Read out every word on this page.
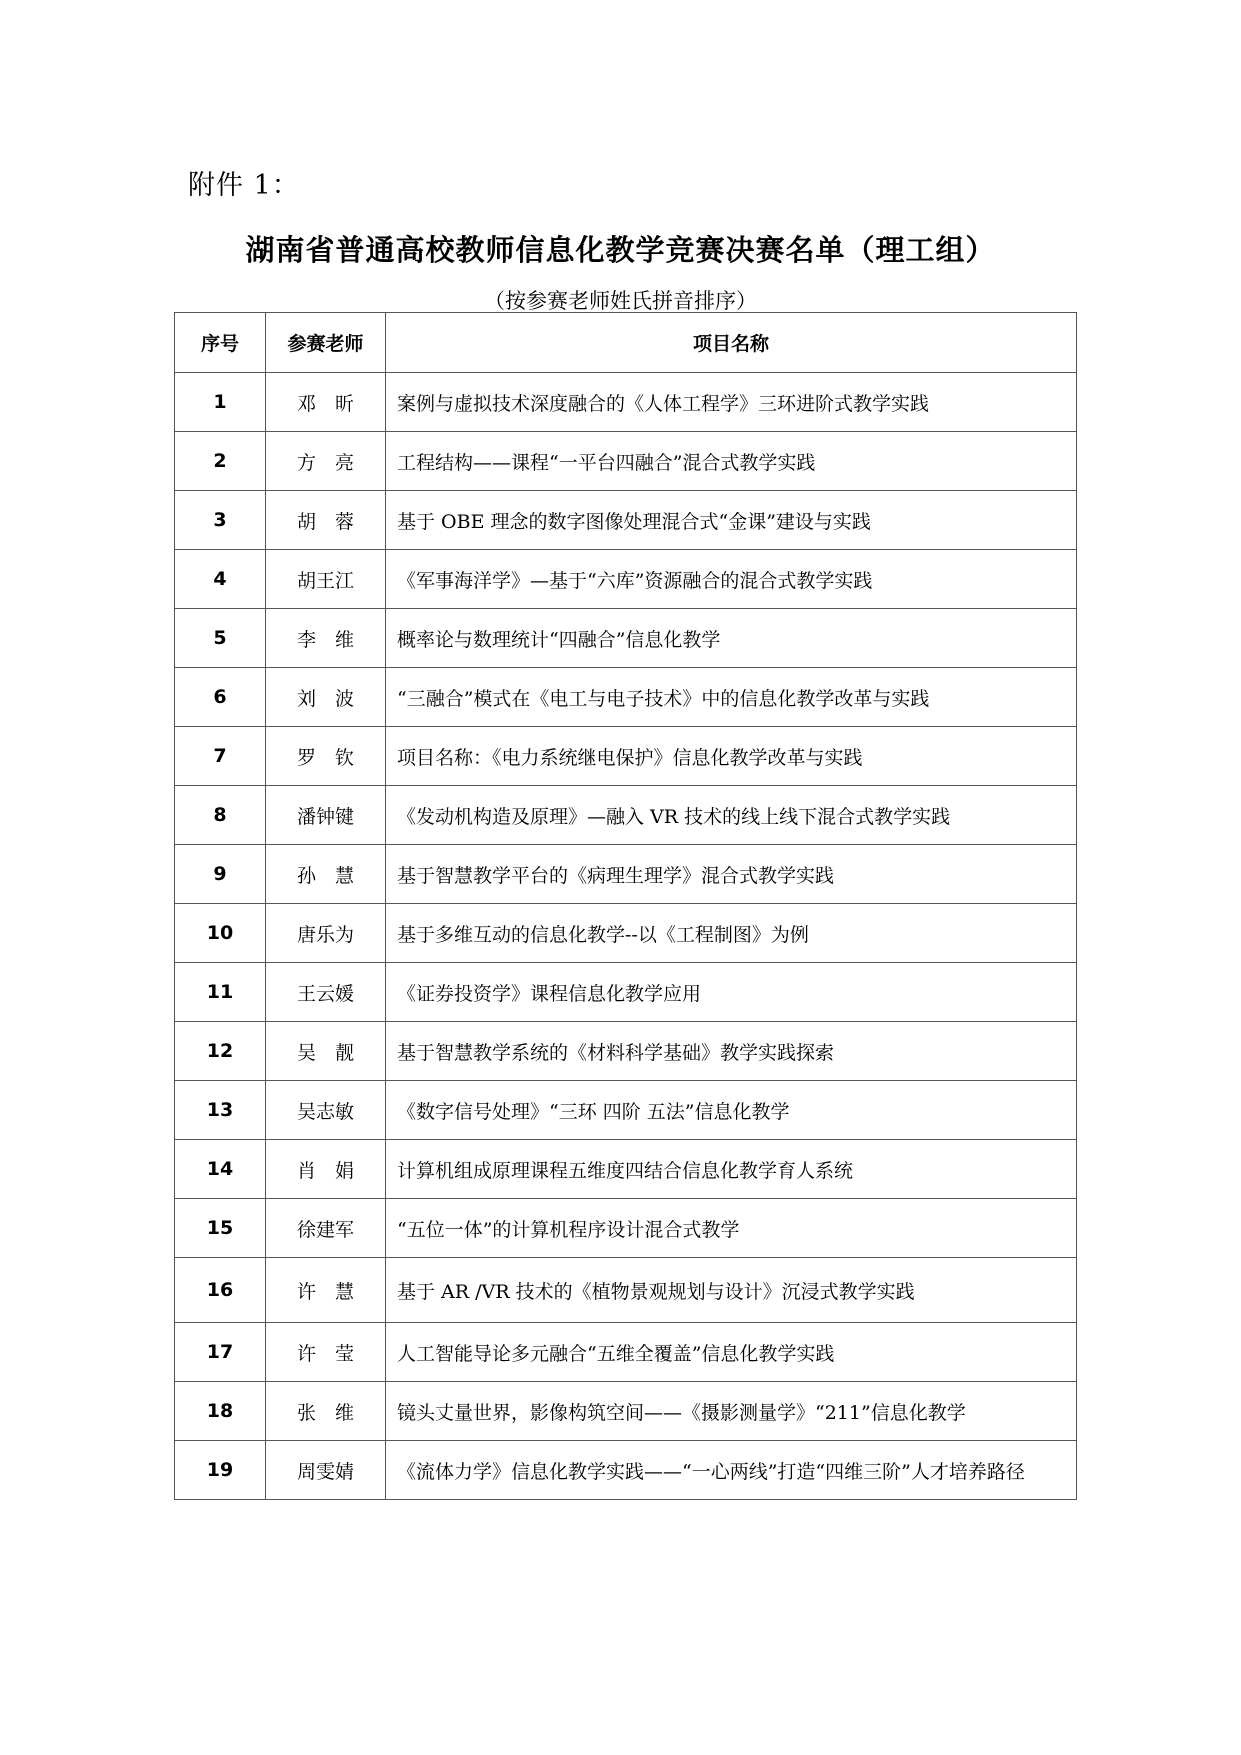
附件 1：
湖南省普通高校教师信息化教学竞赛决赛名单（理工组）
（按参赛老师姓氏拼音排序）
序号	参赛老师	项目名称
1	邓　昕	案例与虚拟技术深度融合的《人体工程学》三环进阶式教学实践
2	方　亮	工程结构——课程“一平台四融合”混合式教学实践
3	胡　蓉	基于 OBE 理念的数字图像处理混合式“金课”建设与实践
4	胡王江	《军事海洋学》—基于“六库”资源融合的混合式教学实践
5	李　维	概率论与数理统计“四融合”信息化教学
6	刘　波	“三融合”模式在《电工与电子技术》中的信息化教学改革与实践
7	罗　钦	项目名称：《电力系统继电保护》信息化教学改革与实践
8	潘钟键	《发动机构造及原理》—融入 VR 技术的线上线下混合式教学实践
9	孙　慧	基于智慧教学平台的《病理生理学》混合式教学实践
10	唐乐为	基于多维互动的信息化教学--以《工程制图》为例
11	王云媛	《证券投资学》课程信息化教学应用
12	吴　靓	基于智慧教学系统的《材料科学基础》教学实践探索
13	吴志敏	《数字信号处理》“三环 四阶 五法”信息化教学
14	肖　娟	计算机组成原理课程五维度四结合信息化教学育人系统
15	徐建军	“五位一体”的计算机程序设计混合式教学
16	许　慧	基于 AR /VR 技术的《植物景观规划与设计》沉浸式教学实践
17	许　莹	人工智能导论多元融合“五维全覆盖”信息化教学实践
18	张　维	镜头丈量世界，影像构筑空间——《摄影测量学》“211”信息化教学
19	周雯婧	《流体力学》信息化教学实践——“一心两线”打造“四维三阶”人才培养路径
